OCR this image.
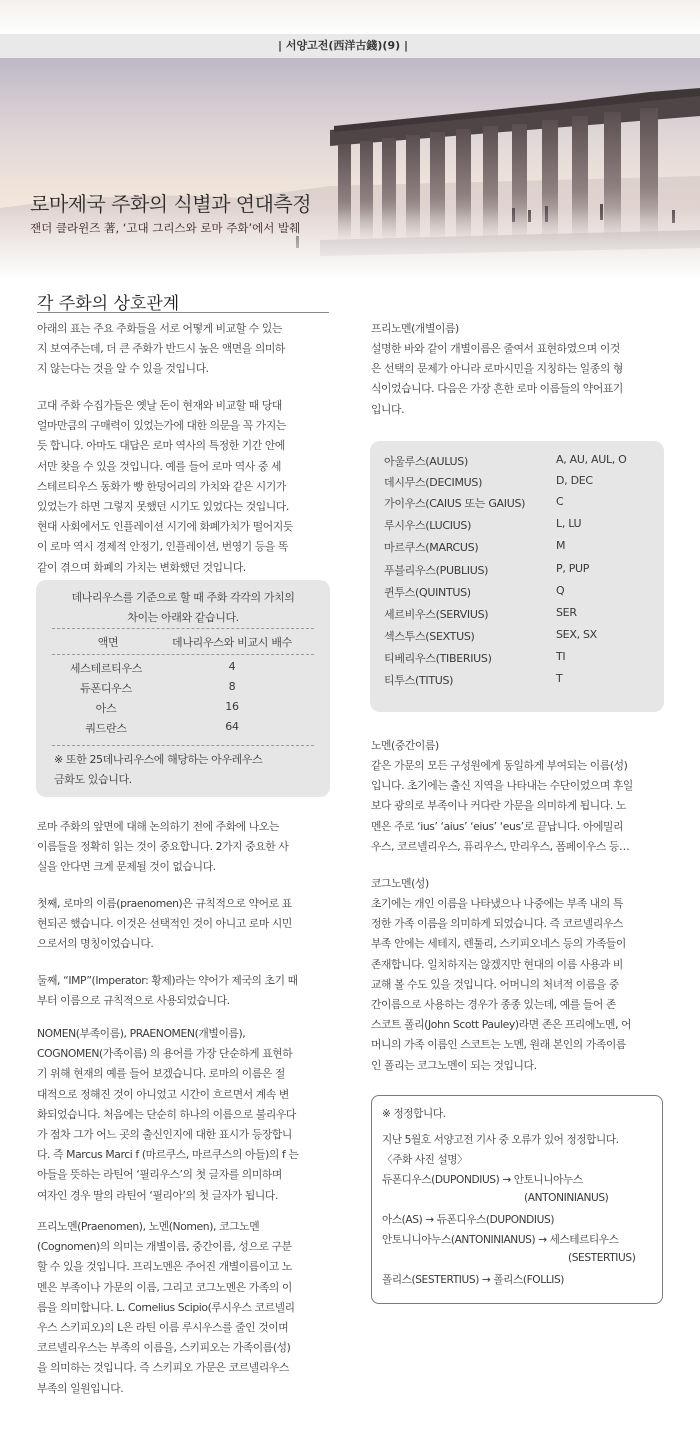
| 서양고전(西洋古錢)(9) |
로마제국 주화의 식별과 연대측정
잰더 클라윈즈 著, ‘고대 그리스와 로마 주화’에서 발췌
각 주화의 상호관계

아래의 표는 주요 주화들을 서로 어떻게 비교할 수 있는
지 보여주는데, 더 큰 주화가 반드시 높은 액면을 의미하
지 않는다는 것을 알 수 있을 것입니다.

고대 주화 수집가들은 옛날 돈이 현재와 비교할 때 당대
얼마만큼의 구매력이 있었는가에 대한 의문을 꼭 가지는
듯 합니다. 아마도 대답은 로마 역사의 특정한 기간 안에
서만 찾을 수 있을 것입니다. 예를 들어 로마 역사 중 세
스테르티우스 동화가 빵 한덩어리의 가치와 같은 시기가
있었는가 하면 그렇지 못했던 시기도 있었다는 것입니다.
현대 사회에서도 인플레이션 시기에 화폐가치가 떨어지듯
이 로마 역시 경제적 안정기, 인플레이션, 번영기 등을 똑
같이 겪으며 화폐의 가치는 변화했던 것입니다.

데나리우스를 기준으로 할 때 주화 각각의 가치의
차이는 아래와 같습니다.
액면	데나리우스와 비교시 배수
세스테르티우스	4
듀폰디우스	8
아스	16
쿼드란스	64
※ 또한 25데나리우스에 해당하는 아우레우스
금화도 있습니다.

로마 주화의 앞면에 대해 논의하기 전에 주화에 나오는
이름들을 정확히 읽는 것이 중요합니다. 2가지 중요한 사
실을 안다면 크게 문제될 것이 없습니다.

첫째, 로마의 이름(praenomen)은 규칙적으로 약어로 표
현되곤 했습니다. 이것은 선택적인 것이 아니고 로마 시민
으로서의 명칭이었습니다.

둘째, “IMP”(Imperator: 황제)라는 약어가 제국의 초기 때
부터 이름으로 규칙적으로 사용되었습니다.

NOMEN(부족이름), PRAENOMEN(개별이름),
COGNOMEN(가족이름) 의 용어를 가장 단순하게 표현하
기 위해 현재의 예를 들어 보겠습니다. 로마의 이름은 절
대적으로 정해진 것이 아니었고 시간이 흐르면서 계속 변
화되었습니다. 처음에는 단순히 하나의 이름으로 불리우다
가 점차 그가 어느 곳의 출신인지에 대한 표시가 등장합니
다. 즉 Marcus Marci f (마르쿠스, 마르쿠스의 아들)의 f 는
아들을 뜻하는 라틴어 ‘필리우스’의 첫 글자를 의미하며
여자인 경우 딸의 라틴어 ‘필리아’의 첫 글자가 됩니다.

프리노멘(Praenomen), 노멘(Nomen), 코그노멘
(Cognomen)의 의미는 개별이름, 중간이름, 성으로 구분
할 수 있을 것입니다. 프리노멘은 주어진 개별이름이고 노
멘은 부족이나 가문의 이름, 그리고 코그노멘은 가족의 이
름을 의미합니다. L. Cornelius Scipio(루시우스 코르넬리
우스 스키피오)의 L은 라틴 이름 루시우스를 줄인 것이며
코르넬리우스는 부족의 이름을, 스키피오는 가족이름(성)
을 의미하는 것입니다. 즉 스키피오 가문은 코르넬리우스
부족의 일원입니다.

프리노멘(개별이름)

설명한 바와 같이 개별이름은 줄여서 표현하였으며 이것
은 선택의 문제가 아니라 로마시민을 지칭하는 일종의 형
식이었습니다. 다음은 가장 흔한 로마 이름들의 약어표기
입니다.

아울루스(AULUS)	A, AU, AUL, O
데시무스(DECIMUS)	D, DEC
가이우스(CAIUS 또는 GAIUS)	C
루시우스(LUCIUS)	L, LU
마르쿠스(MARCUS)	M
푸블리우스(PUBLIUS)	P, PUP
퀸투스(QUINTUS)	Q
세르비우스(SERVIUS)	SER
섹스투스(SEXTUS)	SEX, SX
티베리우스(TIBERIUS)	TI
티투스(TITUS)	T
노멘(중간이름)

같은 가문의 모든 구성원에게 동일하게 부여되는 이름(성)
입니다. 초기에는 출신 지역을 나타내는 수단이었으며 후일
보다 광의로 부족이나 커다란 가문을 의미하게 됩니다. 노
멘은 주로 ‘ius’ ‘aius’ ‘eius’ ‘eus’로 끝납니다. 아에밀리
우스, 코르넬리우스, 퓨리우스, 만리우스, 폼페이우스 등…

코그노멘(성)

초기에는 개인 이름을 나타냈으나 나중에는 부족 내의 특
정한 가족 이름을 의미하게 되었습니다. 즉 코르넬리우스
부족 안에는 세테지, 렌툴리, 스키피오네스 등의 가족들이
존재합니다. 일치하지는 않겠지만 현대의 이름 사용과 비
교해 볼 수도 있을 것입니다. 어머니의 처녀적 이름을 중
간이름으로 사용하는 경우가 종종 있는데, 예를 들어 존
스코트 폴리(John Scott Pauley)라면 존은 프리에노멘, 어
머니의 가족 이름인 스코트는 노멘, 원래 본인의 가족이름
인 폴리는 코그노멘이 되는 것입니다.

※ 정정합니다.
지난 5월호 서양고전 기사 중 오류가 있어 정정합니다.
〈주화 사진 설명〉
듀폰디우스(DUPONDIUS) → 안토니니아누스
(ANTONINIANUS)
아스(AS) → 듀폰디우스(DUPONDIUS)
안토니니아누스(ANTONINIANUS) → 세스테르티우스
(SESTERTIUS)
폴리스(SESTERTIUS) → 폴리스(FOLLIS)
